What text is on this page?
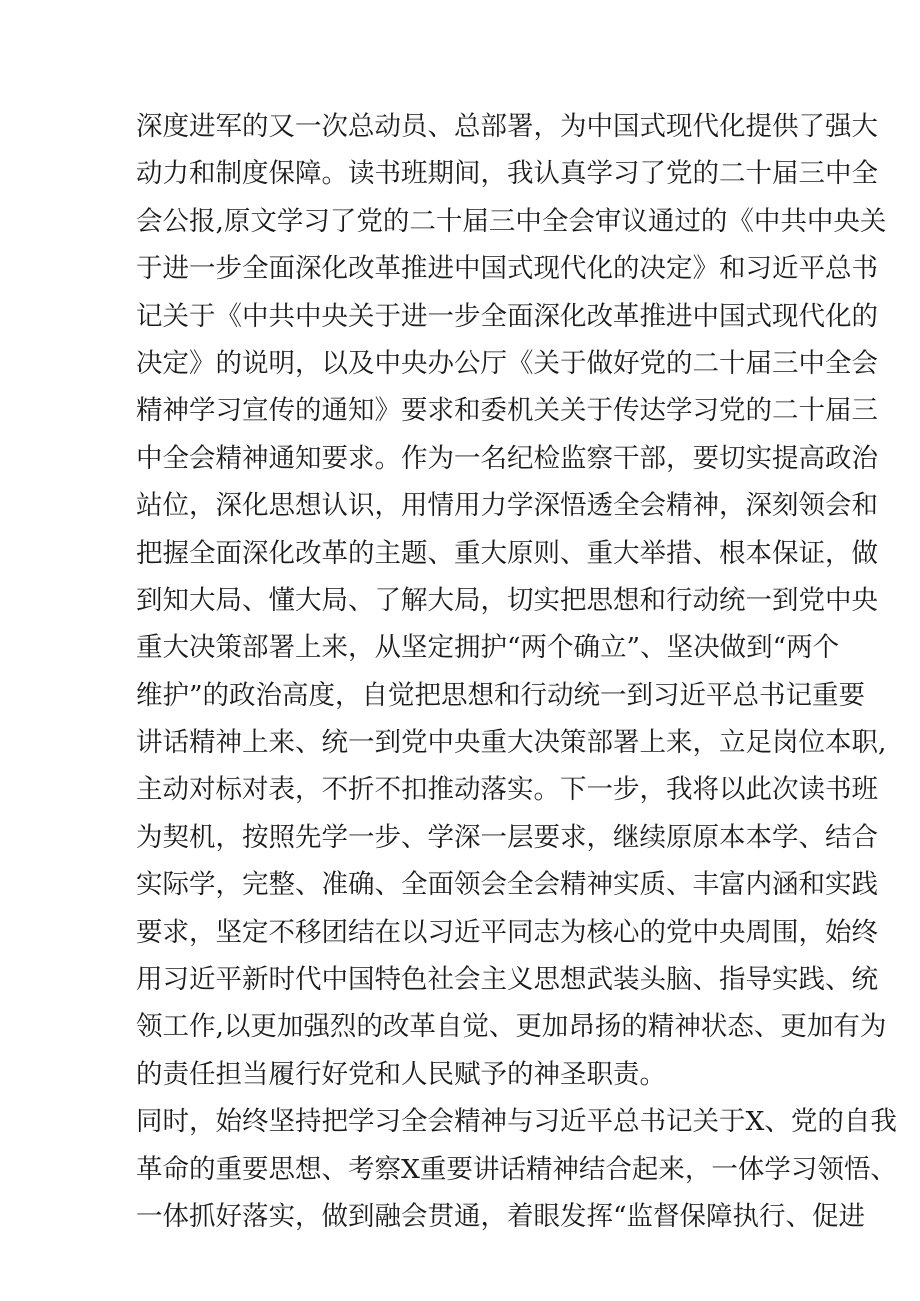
深度进军的又一次总动员、总部署，为中国式现代化提供了强大
动力和制度保障。读书班期间，我认真学习了党的二十届三中全
会公报,原文学习了党的二十届三中全会审议通过的《中共中央关
于进一步全面深化改革推进中国式现代化的决定》和习近平总书
记关于《中共中央关于进一步全面深化改革推进中国式现代化的
决定》的说明，以及中央办公厅《关于做好党的二十届三中全会
精神学习宣传的通知》要求和委机关关于传达学习党的二十届三
中全会精神通知要求。作为一名纪检监察干部，要切实提高政治
站位，深化思想认识，用情用力学深悟透全会精神，深刻领会和
把握全面深化改革的主题、重大原则、重大举措、根本保证，做
到知大局、懂大局、了解大局，切实把思想和行动统一到党中央
重大决策部署上来，从坚定拥护“两个确立”、坚决做到“两个
维护”的政治高度，自觉把思想和行动统一到习近平总书记重要
讲话精神上来、统一到党中央重大决策部署上来，立足岗位本职,
主动对标对表，不折不扣推动落实。下一步，我将以此次读书班
为契机，按照先学一步、学深一层要求，继续原原本本学、结合
实际学，完整、准确、全面领会全会精神实质、丰富内涵和实践
要求，坚定不移团结在以习近平同志为核心的党中央周围，始终
用习近平新时代中国特色社会主义思想武装头脑、指导实践、统
领工作,以更加强烈的改革自觉、更加昂扬的精神状态、更加有为
的责任担当履行好党和人民赋予的神圣职责。
同时，始终坚持把学习全会精神与习近平总书记关于X、党的自我
革命的重要思想、考察X重要讲话精神结合起来，一体学习领悟、
一体抓好落实，做到融会贯通，着眼发挥“监督保障执行、促进
